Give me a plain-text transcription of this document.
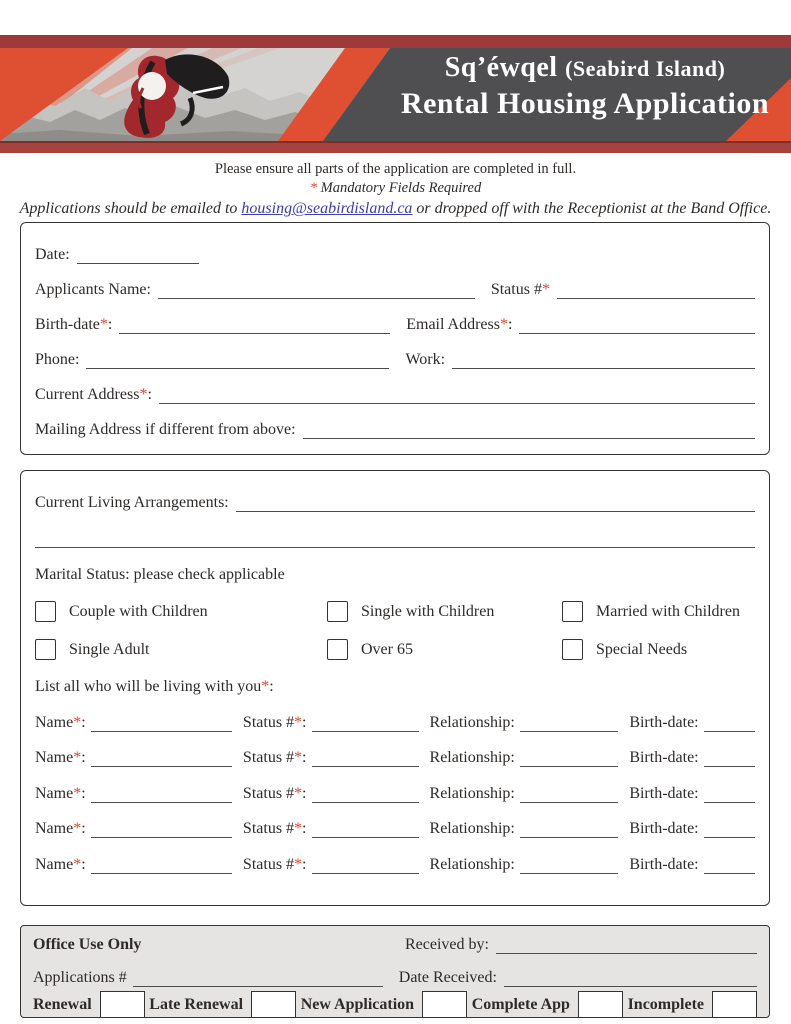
Sq’éwqel (Seabird Island)
Rental Housing Application
Please ensure all parts of the application are completed in full.
* Mandatory Fields Required
Applications should be emailed to housing@seabirdisland.ca or dropped off with the Receptionist at the Band Office.
Date:
Applicants Name:	Status #*
Birth-date*:	Email Address*:
Phone:	Work:
Current Address*:
Mailing Address if different from above:
Current Living Arrangements:
Marital Status: please check applicable
Couple with Children	Single with Children	Married with Children
Single Adult	Over 65	Special Needs
List all who will be living with you*:
Name*:	Status #*:	Relationship:	Birth-date:
Name*:	Status #*:	Relationship:	Birth-date:
Name*:	Status #*:	Relationship:	Birth-date:
Name*:	Status #*:	Relationship:	Birth-date:
Name*:	Status #*:	Relationship:	Birth-date:
Office Use Only	Received by:
Applications #	Date Received:
Renewal	Late Renewal	New Application	Complete App	Incomplete
